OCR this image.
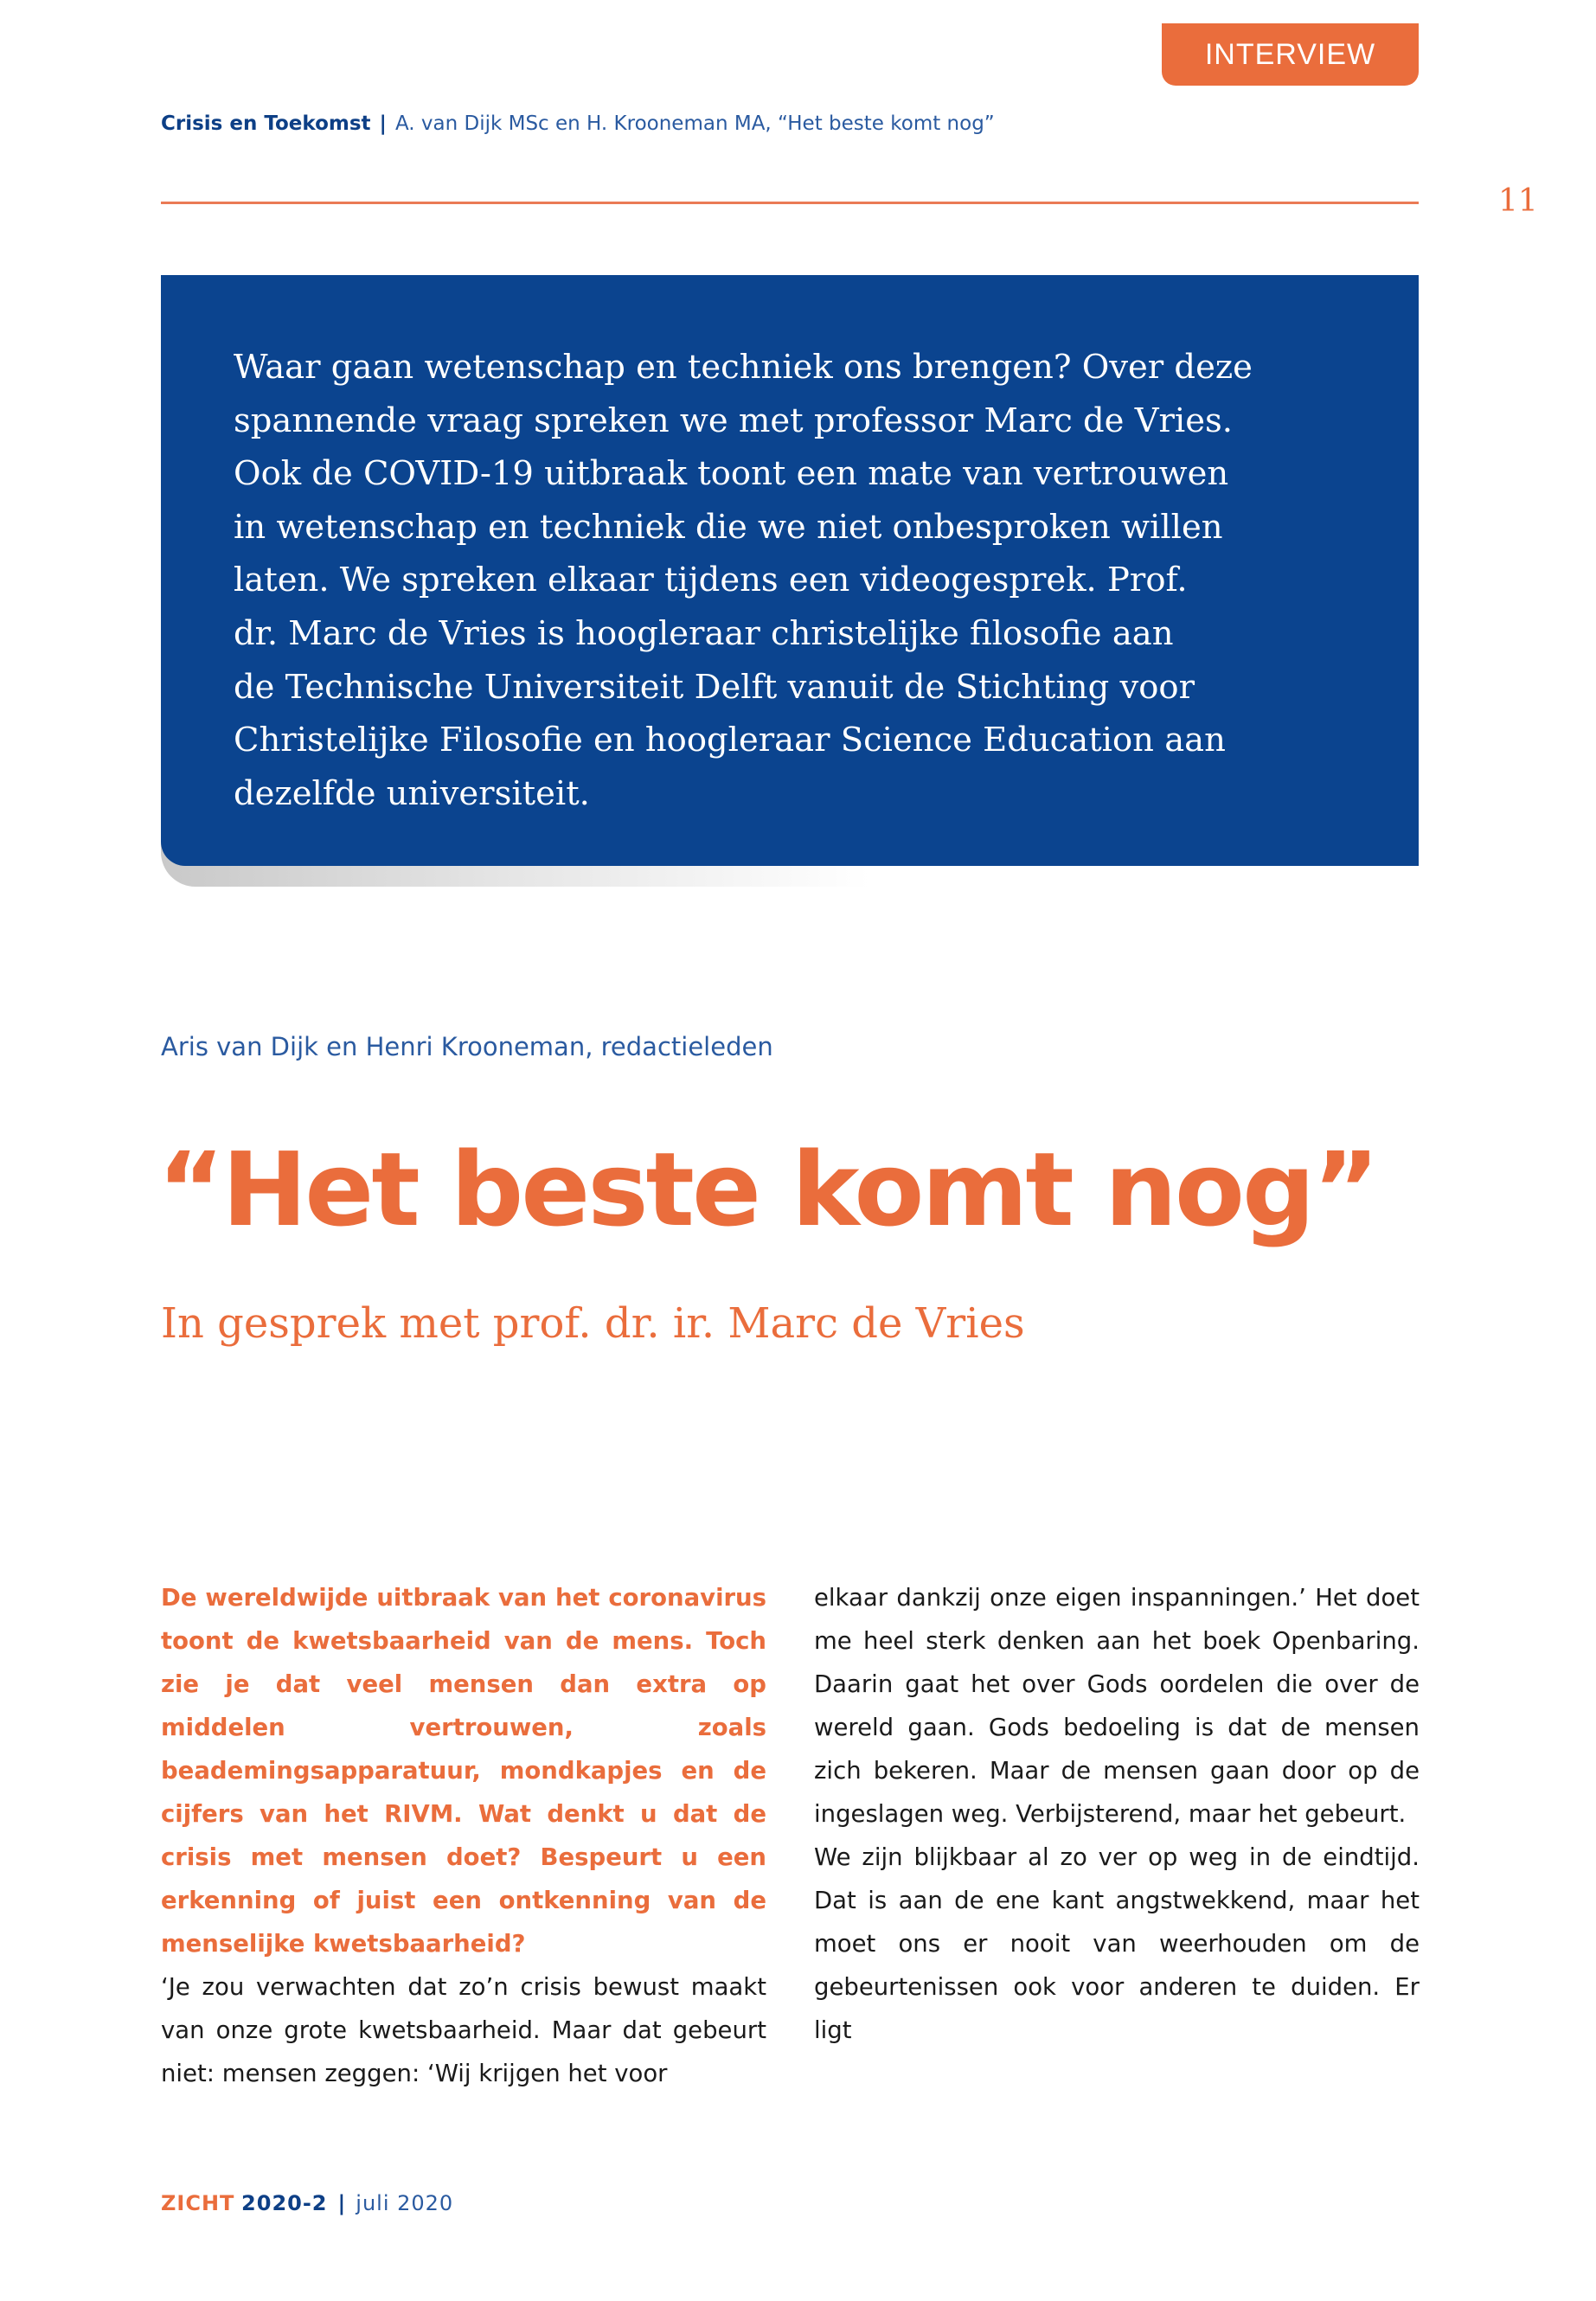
INTERVIEW
Crisis en Toekomst | A. van Dijk MSc en H. Krooneman MA, “Het beste komt nog”
11
Waar gaan wetenschap en techniek ons brengen? Over deze
spannende vraag spreken we met professor Marc de Vries.
Ook de COVID-19 uitbraak toont een mate van vertrouwen
in wetenschap en techniek die we niet onbesproken willen
laten. We spreken elkaar tijdens een videogesprek. Prof.
dr. Marc de Vries is hoogleraar christelijke filosofie aan
de Technische Universiteit Delft vanuit de Stichting voor
Christelijke Filosofie en hoogleraar Science Education aan
dezelfde universiteit.
Aris van Dijk en Henri Krooneman, redactieleden
“Het beste komt nog”
In gesprek met prof. dr. ir. Marc de Vries

De wereldwijde uitbraak van het coronavirus toont de kwetsbaarheid van de mens. Toch zie je dat veel mensen dan extra op middelen vertrouwen, zoals beademingsapparatuur, mondkapjes en de cijfers van het RIVM. Wat denkt u dat de crisis met mensen doet? Bespeurt u een erkenning of juist een ontkenning van de menselijke kwetsbaarheid?

‘Je zou verwachten dat zo’n crisis bewust maakt van onze grote kwetsbaarheid. Maar dat gebeurt niet: mensen zeggen: ‘Wij krijgen het voor

elkaar dankzij onze eigen inspanningen.’ Het doet me heel sterk denken aan het boek Openbaring. Daarin gaat het over Gods oordelen die over de wereld gaan. Gods bedoeling is dat de mensen zich bekeren. Maar de mensen gaan door op de ingeslagen weg. Verbijsterend, maar het gebeurt.

We zijn blijkbaar al zo ver op weg in de eindtijd. Dat is aan de ene kant angstwekkend, maar het moet ons er nooit van weerhouden om de gebeurtenissen ook voor anderen te duiden. Er ligt

ZICHT 2020-2 | juli 2020
